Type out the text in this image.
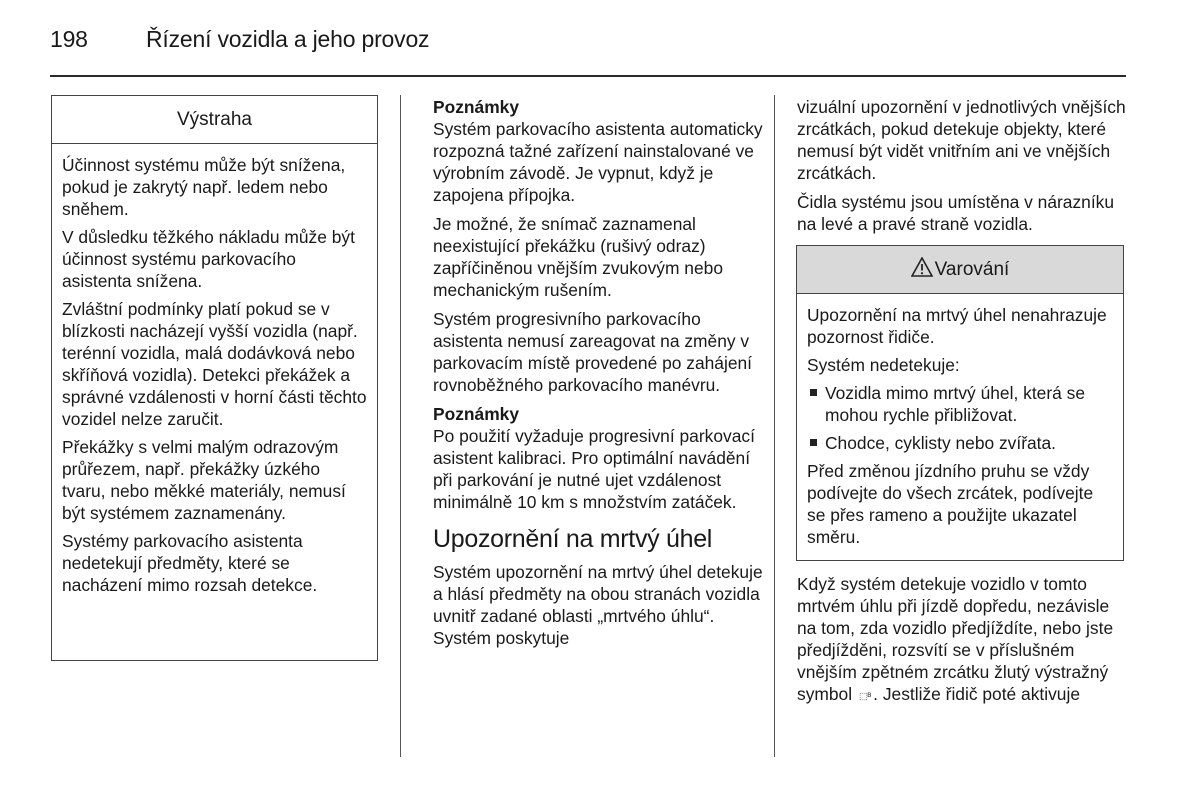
198	Řízení vozidla a jeho provoz
Výstraha

Účinnost systému může být snížena, pokud je zakrytý např. ledem nebo sněhem.

V důsledku těžkého nákladu může být účinnost systému parkovacího asistenta snížena.

Zvláštní podmínky platí pokud se v blízkosti nacházejí vyšší vozidla (např. terénní vozidla, malá dodávková nebo skříňová vozidla). Detekci překážek a správné vzdálenosti v horní části těchto vozidel nelze zaručit.

Překážky s velmi malým odrazovým průřezem, např. překážky úzkého tvaru, nebo měkké materiály, nemusí být systémem zaznamenány.

Systémy parkovacího asistenta nedetekují předměty, které se nacházení mimo rozsah detekce.

Poznámky

Systém parkovacího asistenta automaticky rozpozná tažné zařízení nainstalované ve výrobním závodě. Je vypnut, když je zapojena přípojka.

Je možné, že snímač zaznamenal neexistující překážku (rušivý odraz) zapříčiněnou vnějším zvukovým nebo mechanickým rušením.

Systém progresivního parkovacího asistenta nemusí zareagovat na změny v parkovacím místě provedené po zahájení rovnoběžného parkovacího manévru.

Poznámky

Po použití vyžaduje progresivní parkovací asistent kalibraci. Pro optimální navádění při parkování je nutné ujet vzdálenost minimálně 10 km s množstvím zatáček.

Upozornění na mrtvý úhel

Systém upozornění na mrtvý úhel detekuje a hlásí předměty na obou stranách vozidla uvnitř zadané oblasti „mrtvého úhlu“. Systém poskytuje

vizuální upozornění v jednotlivých vnějších zrcátkách, pokud detekuje objekty, které nemusí být vidět vnitřním ani ve vnějších zrcátkách.

Čidla systému jsou umístěna v nárazníku na levé a pravé straně vozidla.

Varování

Upozornění na mrtvý úhel nenahrazuje pozornost řidiče.

Systém nedetekuje:

Vozidla mimo mrtvý úhel, která se mohou rychle přibližovat.
Chodce, cyklisty nebo zvířata.

Před změnou jízdního pruhu se vždy podívejte do všech zrcátek, podívejte se přes rameno a použijte ukazatel směru.

Když systém detekuje vozidlo v tomto mrtvém úhlu při jízdě dopředu, nezávisle na tom, zda vozidlo předjíždíte, nebo jste předjížděni, rozsvítí se v příslušném vnějším zpětném zrcátku žlutý výstražný symbol ⬚ᴮ . Jestliže řidič poté aktivuje
